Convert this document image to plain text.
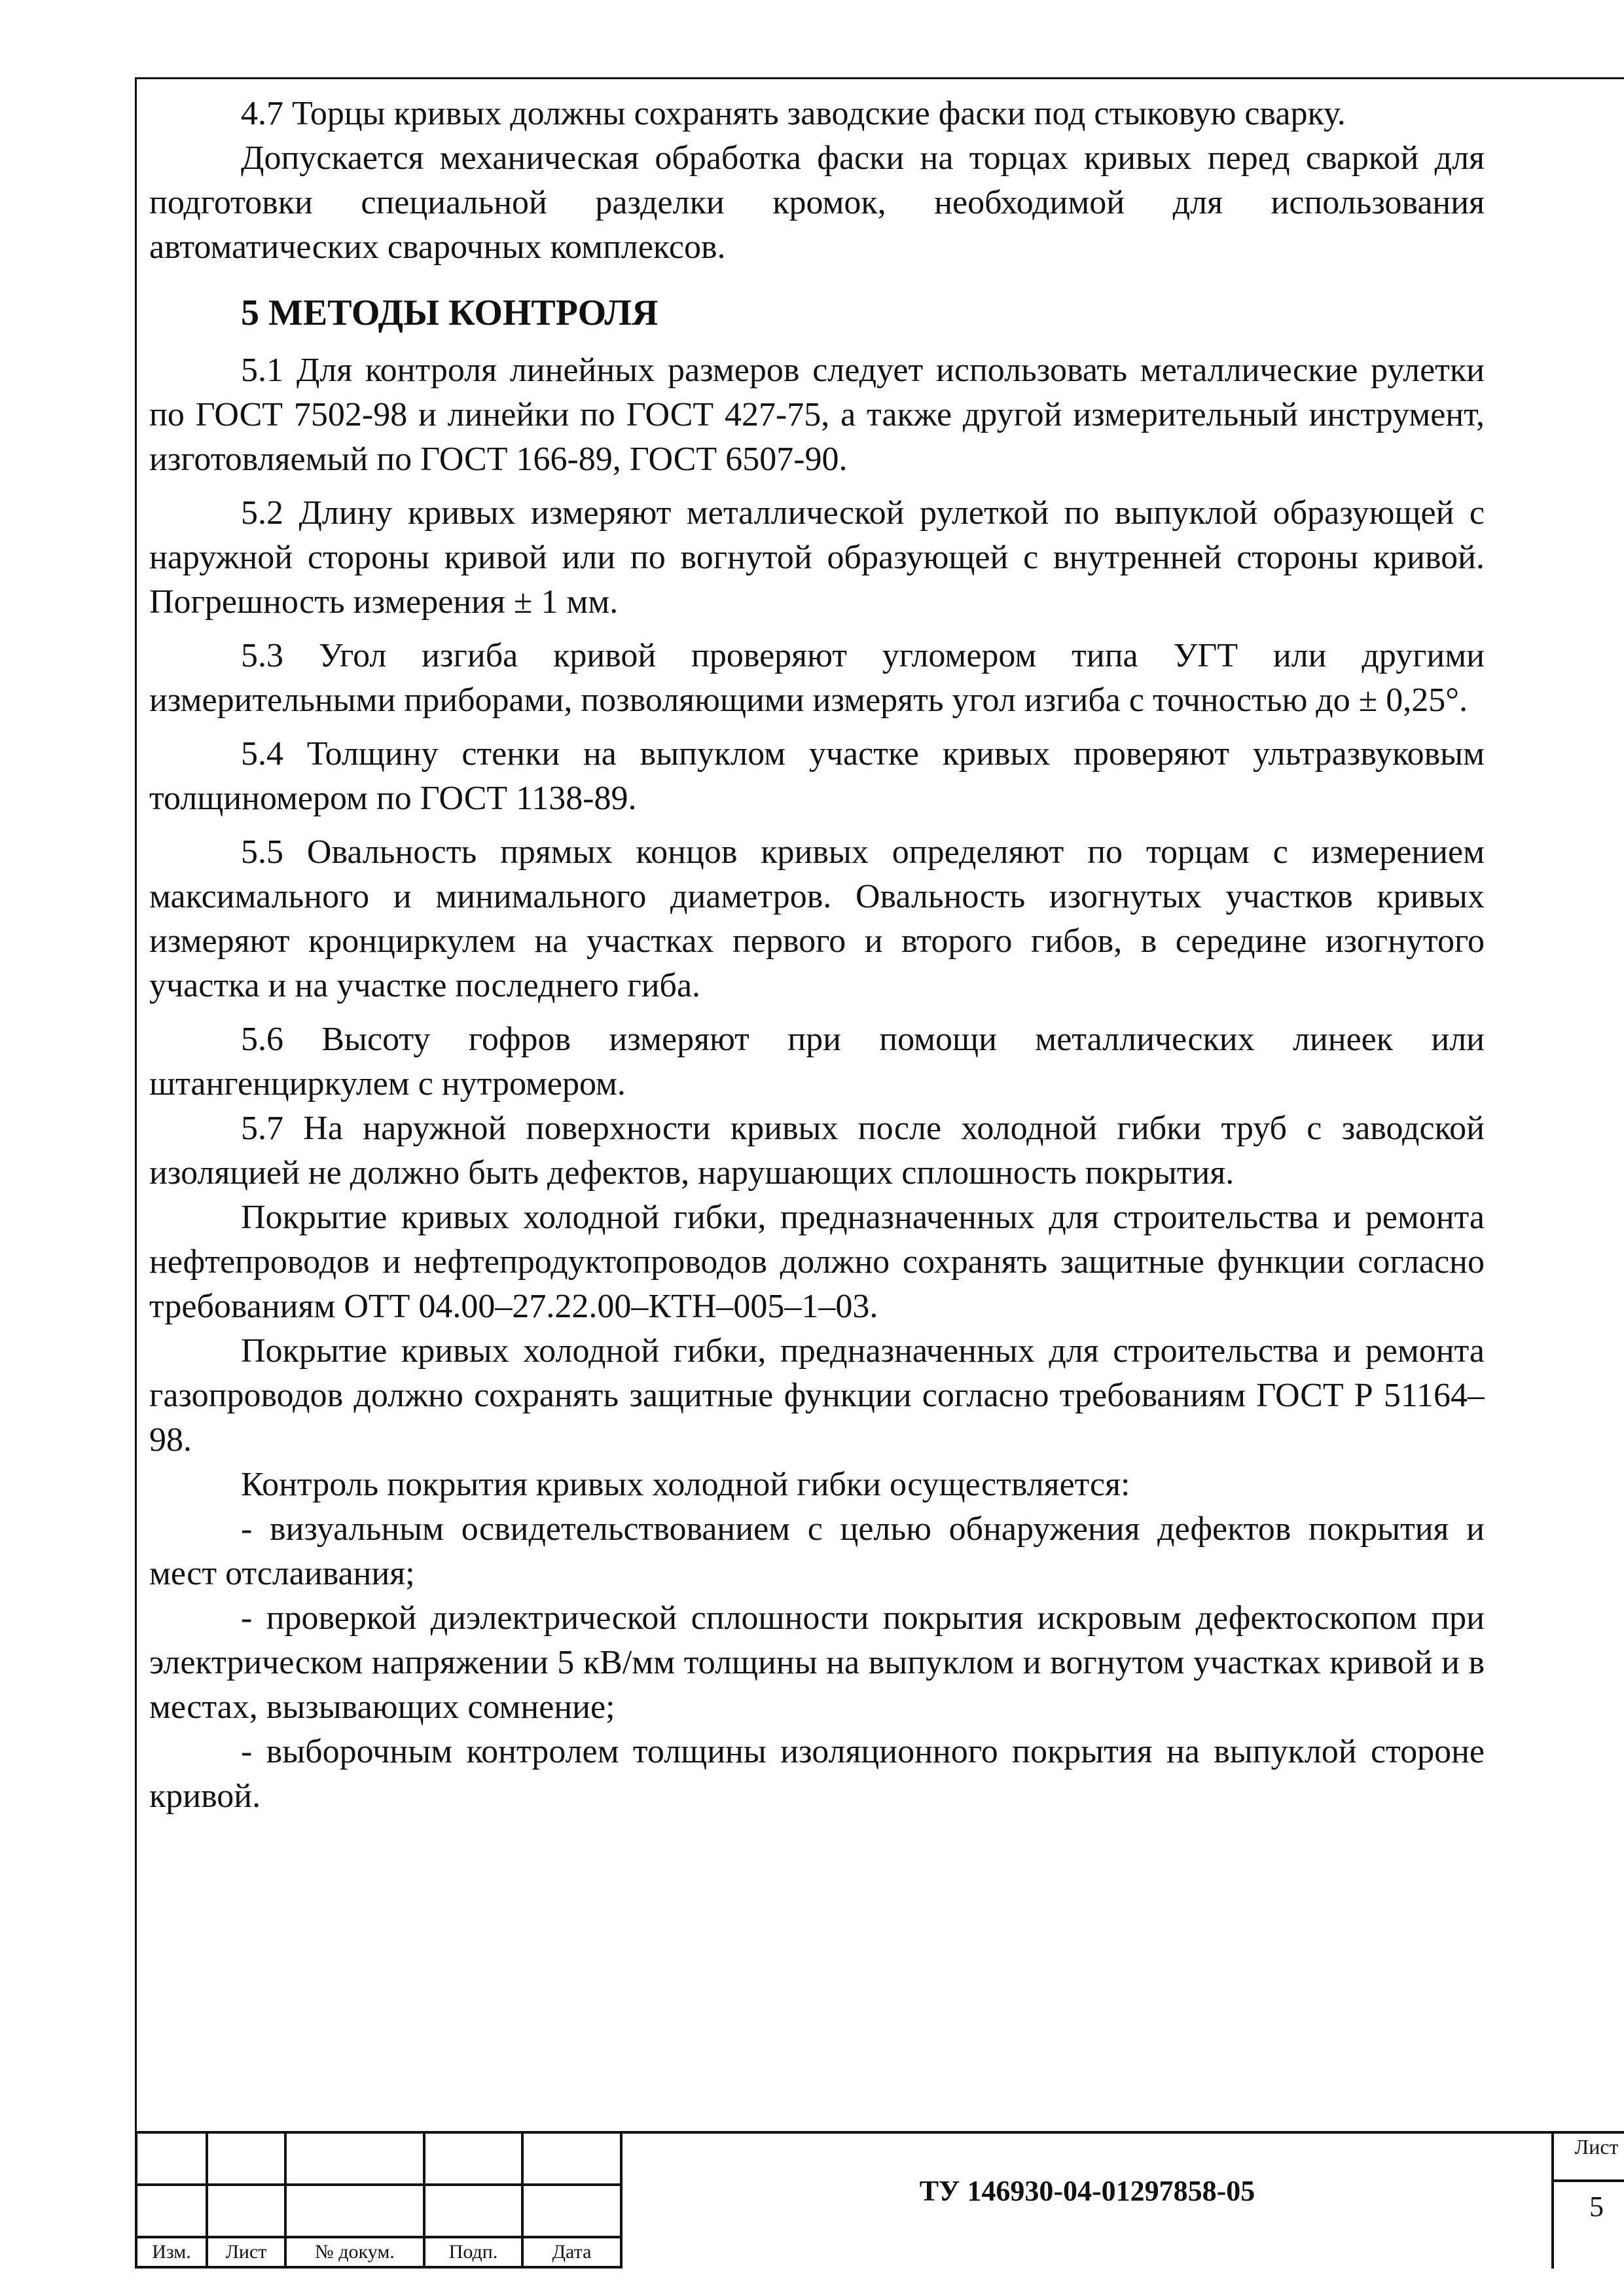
4.7 Торцы кривых должны сохранять заводские фаски под стыковую сварку.

Допускается механическая обработка фаски на торцах кривых перед сваркой для подготовки специальной разделки кромок, необходимой для использования автоматических сварочных комплексов.

5 МЕТОДЫ КОНТРОЛЯ

5.1 Для контроля линейных размеров следует использовать металлические рулетки по ГОСТ 7502-98 и линейки по ГОСТ 427-75, а также другой измерительный инструмент, изготовляемый по ГОСТ 166-89, ГОСТ 6507-90.

5.2 Длину кривых измеряют металлической рулеткой по выпуклой образующей с наружной стороны кривой или по вогнутой образующей с внутренней стороны кривой. Погрешность измерения ± 1 мм.

5.3 Угол изгиба кривой проверяют угломером типа УГТ или другими измерительными приборами, позволяющими измерять угол изгиба с точностью до ± 0,25°.

5.4 Толщину стенки на выпуклом участке кривых проверяют ультразвуковым толщиномером по ГОСТ 1138-89.

5.5 Овальность прямых концов кривых определяют по торцам с измерением максимального и минимального диаметров. Овальность изогнутых участков кривых измеряют кронциркулем на участках первого и второго гибов, в середине изогнутого участка и на участке последнего гиба.

5.6 Высоту гофров измеряют при помощи металлических линеек или штангенциркулем с нутромером.

5.7 На наружной поверхности кривых после холодной гибки труб с заводской изоляцией не должно быть дефектов, нарушающих сплошность покрытия.

Покрытие кривых холодной гибки, предназначенных для строительства и ремонта нефтепроводов и нефтепродуктопроводов должно сохранять защитные функции согласно требованиям ОТТ 04.00–27.22.00–КТН–005–1–03.

Покрытие кривых холодной гибки, предназначенных для строительства и ремонта газопроводов должно сохранять защитные функции согласно требованиям ГОСТ Р 51164–98.

Контроль покрытия кривых холодной гибки осуществляется:

- визуальным освидетельствованием с целью обнаружения дефектов покрытия и мест отслаивания;

- проверкой диэлектрической сплошности покрытия искровым дефектоскопом при электрическом напряжении 5 кВ/мм толщины на выпуклом и вогнутом участках кривой и в местах, вызывающих сомнение;

- выборочным контролем толщины изоляционного покрытия на выпуклой стороне кривой.

Изм.	Лист	№ докум.	Подп.	Дата
ТУ 146930-04-01297858-05
Лист
5
